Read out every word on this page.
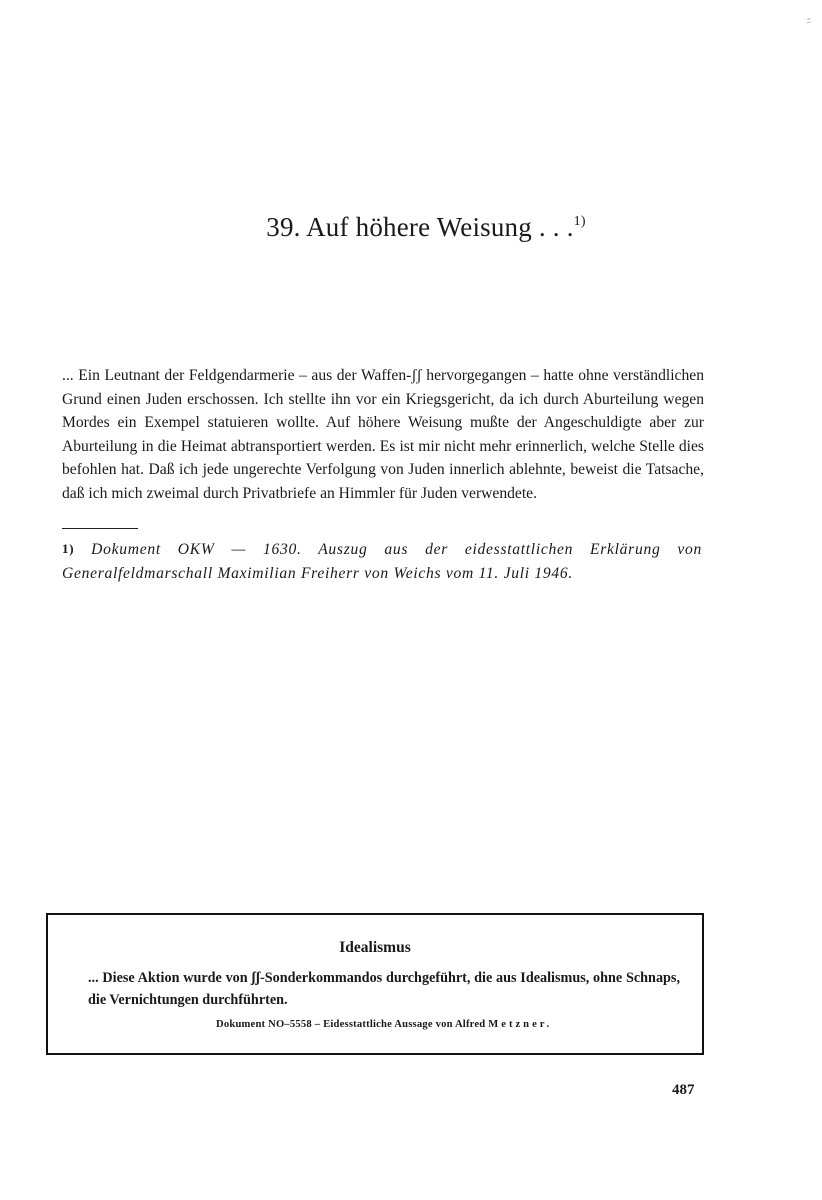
ﾆ
39. Auf höhere Weisung . . .$^{1)}$

... Ein Leutnant der Feldgendarmerie – aus der Waffen-ʃʃ hervorgegangen – hatte ohne verständlichen Grund einen Juden erschossen. Ich stellte ihn vor ein Kriegsgericht, da ich durch Aburteilung wegen Mordes ein Exempel statuieren wollte. Auf höhere Weisung mußte der Angeschuldigte aber zur Aburteilung in die Heimat abtransportiert werden. Es ist mir nicht mehr erinnerlich, welche Stelle dies befohlen hat. Daß ich jede ungerechte Verfolgung von Juden innerlich ablehnte, beweist die Tatsache, daß ich mich zweimal durch Privatbriefe an Himmler für Juden verwendete.

$^{1)}$ Dokument OKW — 1630. Auszug aus der eidesstattlichen Erklärung von Generalfeldmarschall Maximilian Freiherr von Weichs vom 11. Juli 1946.

Idealismus

... Diese Aktion wurde von ʃʃ-Sonderkommandos durchgeführt, die aus Idealismus, ohne Schnaps, die Vernichtungen durchführten.

Dokument NO–5558 – Eidesstattliche Aussage von Alfred Metzner.
487
